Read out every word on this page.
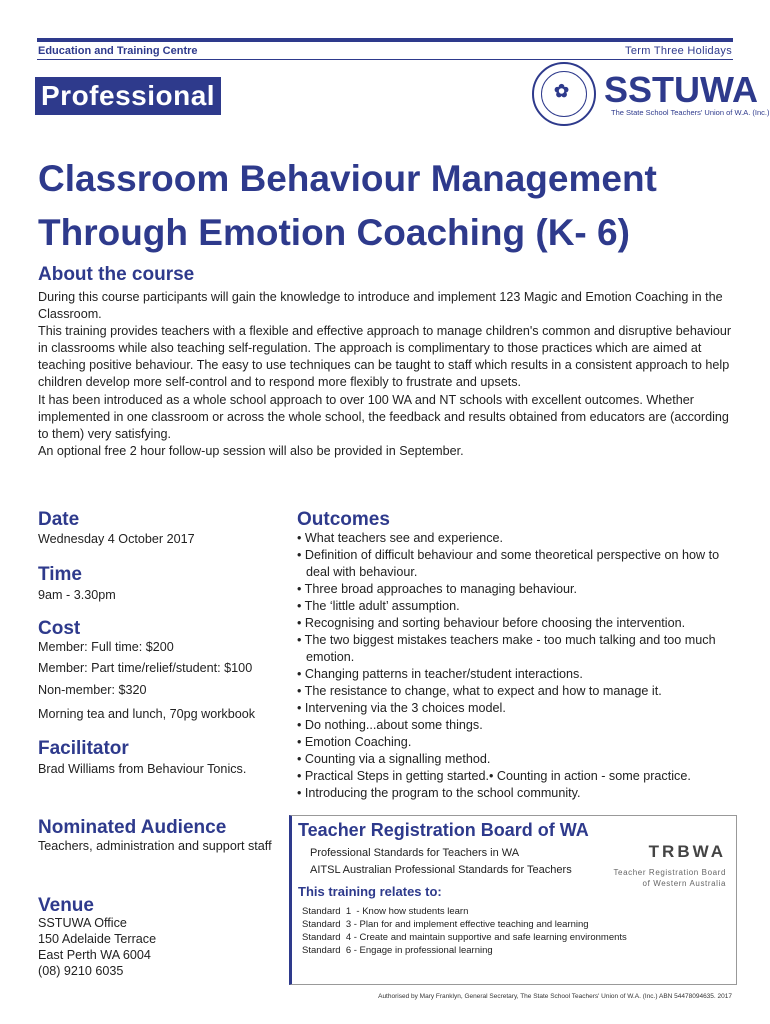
Education and Training Centre	Term Three Holidays
Professional	✿ SSTUWA
The State School Teachers' Union of W.A. (Inc.)
Classroom Behaviour Management
Through Emotion Coaching (K- 6)
About the course

During this course participants will gain the knowledge to introduce and implement 123 Magic and Emotion Coaching in the Classroom.

This training provides teachers with a flexible and effective approach to manage children's common and disruptive behaviour in classrooms while also teaching self-regulation. The approach is complimentary to those practices which are aimed at teaching positive behaviour. The easy to use techniques can be taught to staff which results in a consistent approach to help children develop more self-control and to respond more flexibly to frustrate and upsets.

It has been introduced as a whole school approach to over 100 WA and NT schools with excellent outcomes. Whether implemented in one classroom or across the whole school, the feedback and results obtained from educators are (according to them) very satisfying.

An optional free 2 hour follow-up session will also be provided in September.

Date
Wednesday 4 October 2017
Time
9am - 3.30pm
Cost
Member: Full time: $200
Member: Part time/relief/student: $100
Non-member: $320
Morning tea and lunch, 70pg workbook
Facilitator
Brad Williams from Behaviour Tonics.
Nominated Audience
Teachers, administration and support staff
Venue
SSTUWA Office
150 Adelaide Terrace
East Perth WA 6004
(08) 9210 6035
Outcomes
• What teachers see and experience.
• Definition of difficult behaviour and some theoretical perspective on how to deal with behaviour.
• Three broad approaches to managing behaviour.
• The ‘little adult’ assumption.
• Recognising and sorting behaviour before choosing the intervention.
• The two biggest mistakes teachers make - too much talking and too much emotion.
• Changing patterns in teacher/student interactions.
• The resistance to change, what to expect and how to manage it.
• Intervening via the 3 choices model.
• Do nothing...about some things.
• Emotion Coaching.
• Counting via a signalling method.
• Practical Steps in getting started.• Counting in action - some practice.
• Introducing the program to the school community.
Teacher Registration Board of WA
Professional Standards for Teachers in WA
AITSL Australian Professional Standards for Teachers
TRBWA
Teacher Registration Board
of Western Australia
This training relates to:
Standard  1  - Know how students learn
Standard  3 - Plan for and implement effective teaching and learning
Standard  4 - Create and maintain supportive and safe learning environments
Standard  6 - Engage in professional learning
Authorised by Mary Franklyn, General Secretary, The State School Teachers' Union of W.A. (Inc.) ABN 54478094635. 2017
